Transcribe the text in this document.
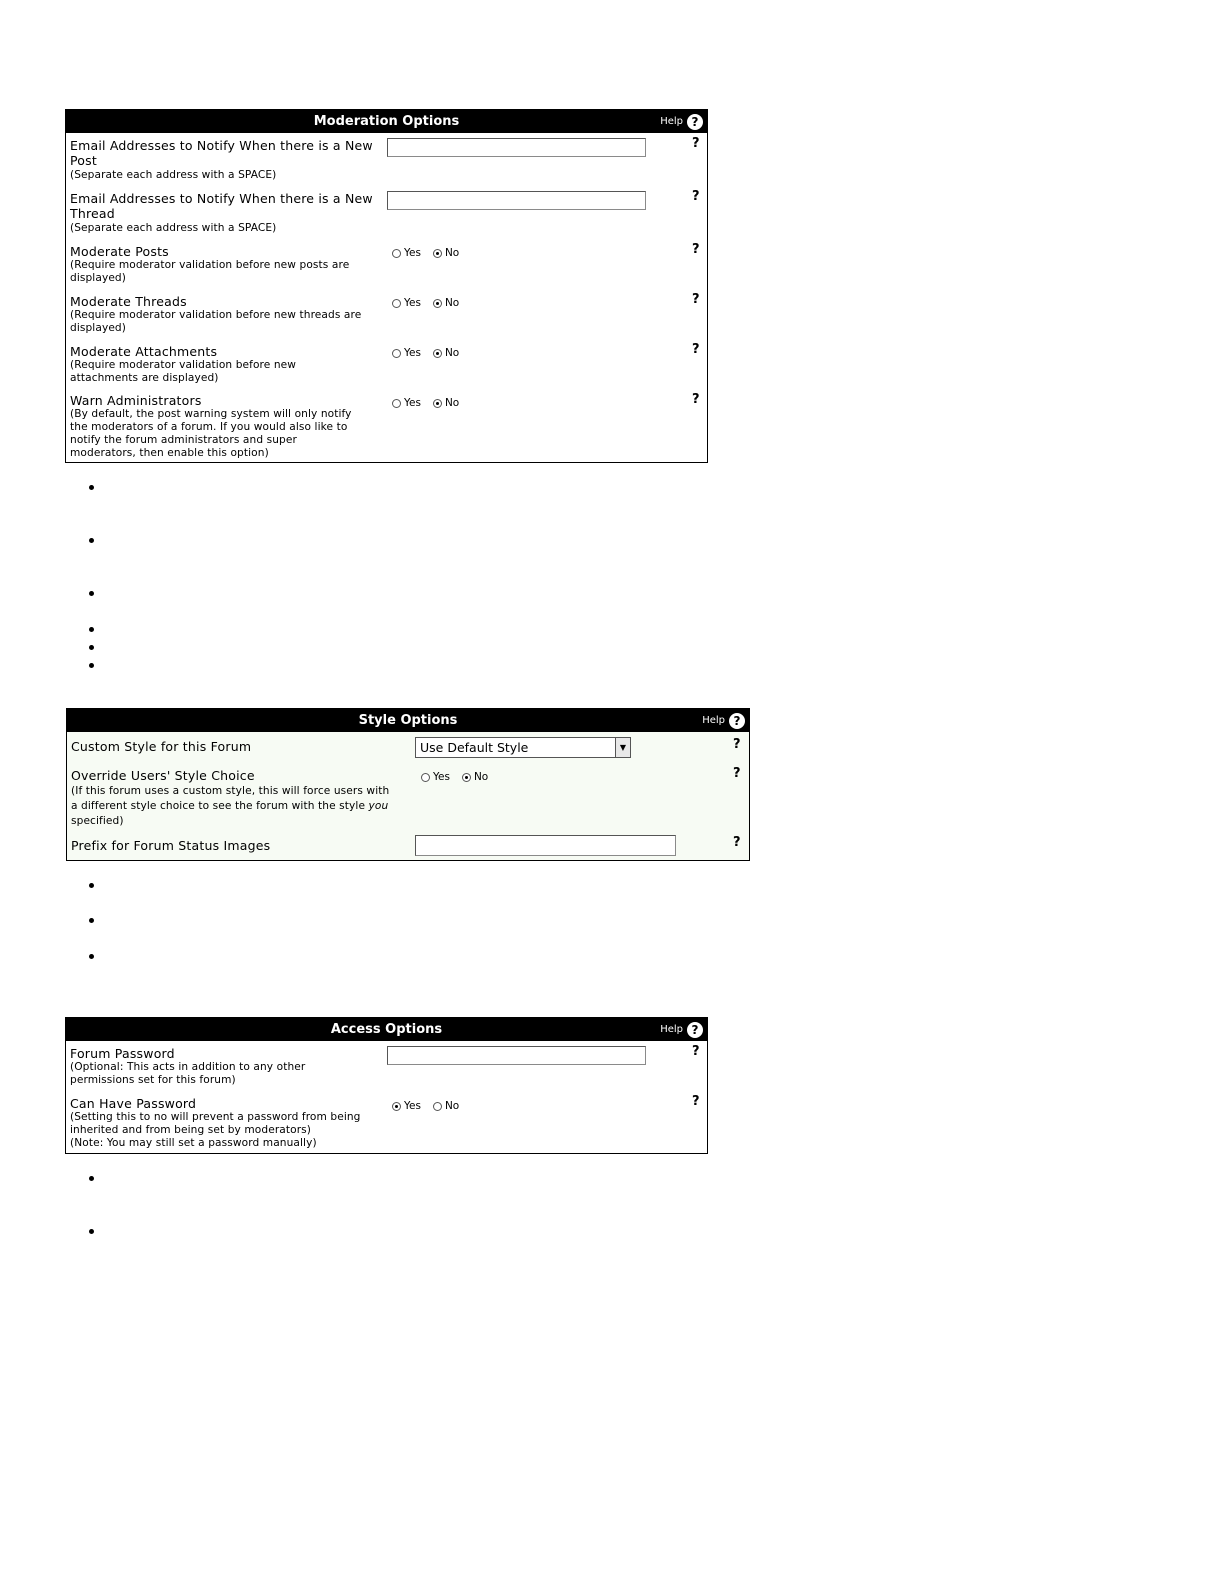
Moderation Options	Help ?
Email Addresses to Notify When there is a New
Post
(Separate each address with a SPACE)
?
Email Addresses to Notify When there is a New
Thread
(Separate each address with a SPACE)
?
Moderate Posts
(Require moderator validation before new posts are
displayed)
Yes No	?
Moderate Threads
(Require moderator validation before new threads are
displayed)
Yes No	?
Moderate Attachments
(Require moderator validation before new
attachments are displayed)
Yes No	?
Warn Administrators
(By default, the post warning system will only notify
the moderators of a forum. If you would also like to
notify the forum administrators and super
moderators, then enable this option)
Yes No	?
Style Options	Help ?
Custom Style for this Forum	Use Default Style	▼	?
Override Users' Style Choice
(If this forum uses a custom style, this will force users with
a different style choice to see the forum with the style you
specified)
Yes No	?
Prefix for Forum Status Images	?
Access Options	Help ?
Forum Password
(Optional: This acts in addition to any other
permissions set for this forum)
?
Can Have Password
(Setting this to no will prevent a password from being
inherited and from being set by moderators)
(Note: You may still set a password manually)
Yes No	?
